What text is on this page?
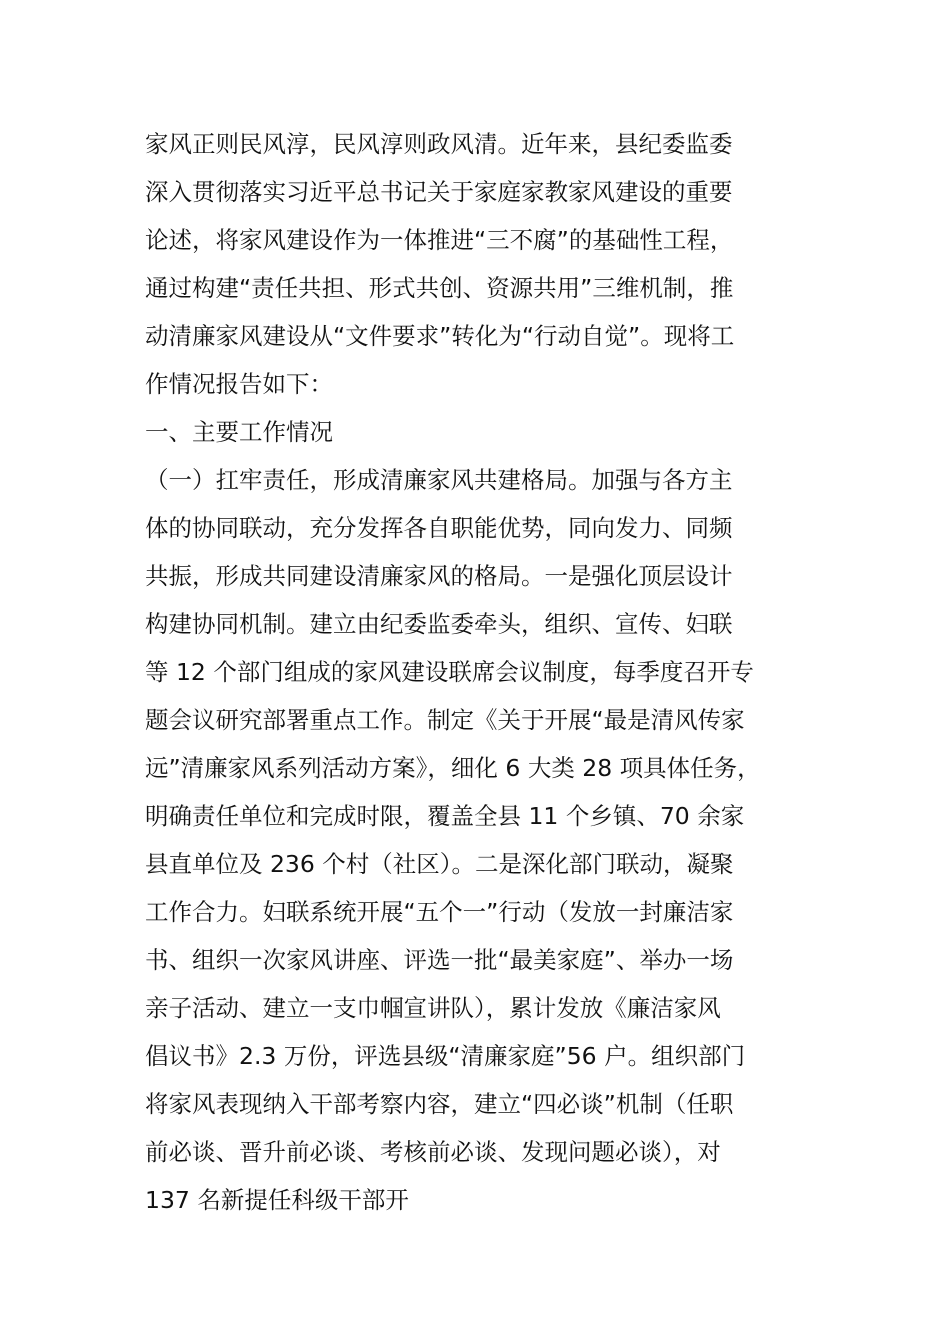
家风正则民风淳，民风淳则政风清。近年来，县纪委监委
深入贯彻落实习近平总书记关于家庭家教家风建设的重要
论述，将家风建设作为一体推进“三不腐”的基础性工程，
通过构建“责任共担、形式共创、资源共用”三维机制，推
动清廉家风建设从“文件要求”转化为“行动自觉”。现将工
作情况报告如下：
一、主要工作情况
（一）扛牢责任，形成清廉家风共建格局。加强与各方主
体的协同联动，充分发挥各自职能优势，同向发力、同频
共振，形成共同建设清廉家风的格局。一是强化顶层设计
构建协同机制。建立由纪委监委牵头，组织、宣传、妇联
等 12 个部门组成的家风建设联席会议制度，每季度召开专
题会议研究部署重点工作。制定《关于开展“最是清风传家
远”清廉家风系列活动方案》，细化 6 大类 28 项具体任务，
明确责任单位和完成时限，覆盖全县 11 个乡镇、70 余家
县直单位及 236 个村（社区）。二是深化部门联动，凝聚
工作合力。妇联系统开展“五个一”行动（发放一封廉洁家
书、组织一次家风讲座、评选一批“最美家庭”、举办一场
亲子活动、建立一支巾帼宣讲队），累计发放《廉洁家风
倡议书》2.3 万份，评选县级“清廉家庭”56 户。组织部门
将家风表现纳入干部考察内容，建立“四必谈”机制（任职
前必谈、晋升前必谈、考核前必谈、发现问题必谈），对
137 名新提任科级干部开
